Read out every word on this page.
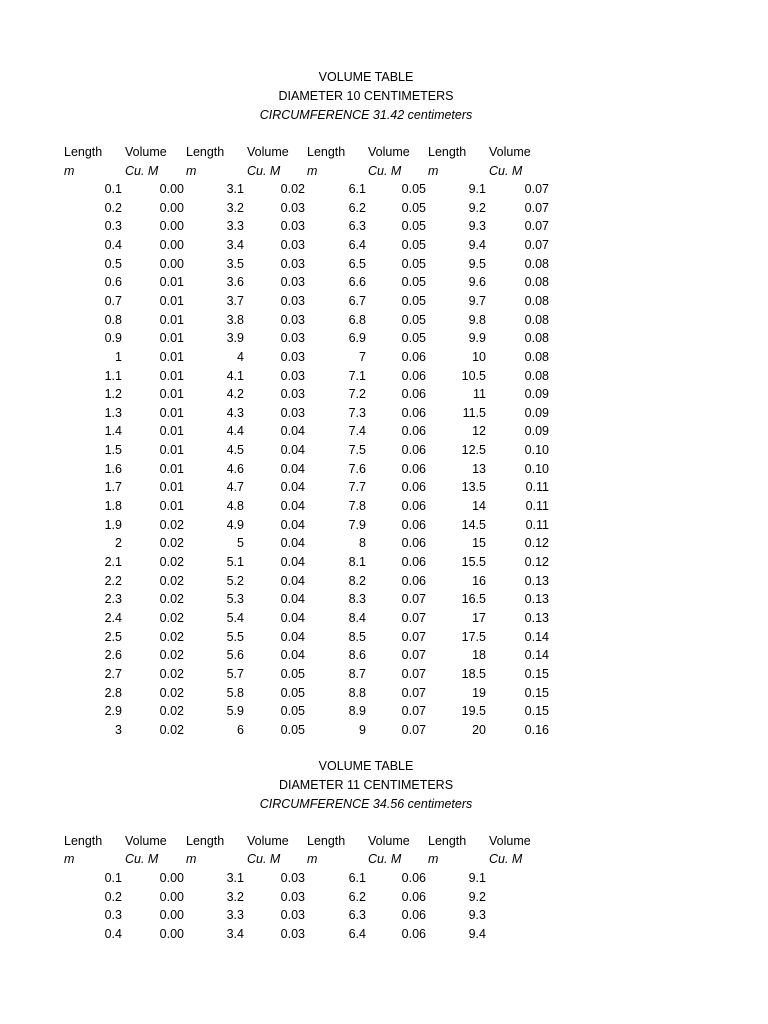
VOLUME TABLE
DIAMETER 10 CENTIMETERS
CIRCUMFERENCE 31.42 centimeters
Length Volume Length Volume Length Volume Length Volume
m	Cu. M m	Cu. M m	Cu. M m	Cu. M
0.1	0.00	3.1	0.02	6.1	0.05	9.1	0.07
0.2	0.00	3.2	0.03	6.2	0.05	9.2	0.07
0.3	0.00	3.3	0.03	6.3	0.05	9.3	0.07
0.4	0.00	3.4	0.03	6.4	0.05	9.4	0.07
0.5	0.00	3.5	0.03	6.5	0.05	9.5	0.08
0.6	0.01	3.6	0.03	6.6	0.05	9.6	0.08
0.7	0.01	3.7	0.03	6.7	0.05	9.7	0.08
0.8	0.01	3.8	0.03	6.8	0.05	9.8	0.08
0.9	0.01	3.9	0.03	6.9	0.05	9.9	0.08
1	0.01	4	0.03	7	0.06	10	0.08
1.1	0.01	4.1	0.03	7.1	0.06	10.5	0.08
1.2	0.01	4.2	0.03	7.2	0.06	11	0.09
1.3	0.01	4.3	0.03	7.3	0.06	11.5	0.09
1.4	0.01	4.4	0.04	7.4	0.06	12	0.09
1.5	0.01	4.5	0.04	7.5	0.06	12.5	0.10
1.6	0.01	4.6	0.04	7.6	0.06	13	0.10
1.7	0.01	4.7	0.04	7.7	0.06	13.5	0.11
1.8	0.01	4.8	0.04	7.8	0.06	14	0.11
1.9	0.02	4.9	0.04	7.9	0.06	14.5	0.11
2	0.02	5	0.04	8	0.06	15	0.12
2.1	0.02	5.1	0.04	8.1	0.06	15.5	0.12
2.2	0.02	5.2	0.04	8.2	0.06	16	0.13
2.3	0.02	5.3	0.04	8.3	0.07	16.5	0.13
2.4	0.02	5.4	0.04	8.4	0.07	17	0.13
2.5	0.02	5.5	0.04	8.5	0.07	17.5	0.14
2.6	0.02	5.6	0.04	8.6	0.07	18	0.14
2.7	0.02	5.7	0.05	8.7	0.07	18.5	0.15
2.8	0.02	5.8	0.05	8.8	0.07	19	0.15
2.9	0.02	5.9	0.05	8.9	0.07	19.5	0.15
3	0.02	6	0.05	9	0.07	20	0.16
VOLUME TABLE
DIAMETER 11 CENTIMETERS
CIRCUMFERENCE 34.56 centimeters
Length Volume Length Volume Length Volume Length Volume
m	Cu. M m	Cu. M m	Cu. M m	Cu. M
0.1	0.00	3.1	0.03	6.1	0.06	9.1
0.2	0.00	3.2	0.03	6.2	0.06	9.2
0.3	0.00	3.3	0.03	6.3	0.06	9.3
0.4	0.00	3.4	0.03	6.4	0.06	9.4
